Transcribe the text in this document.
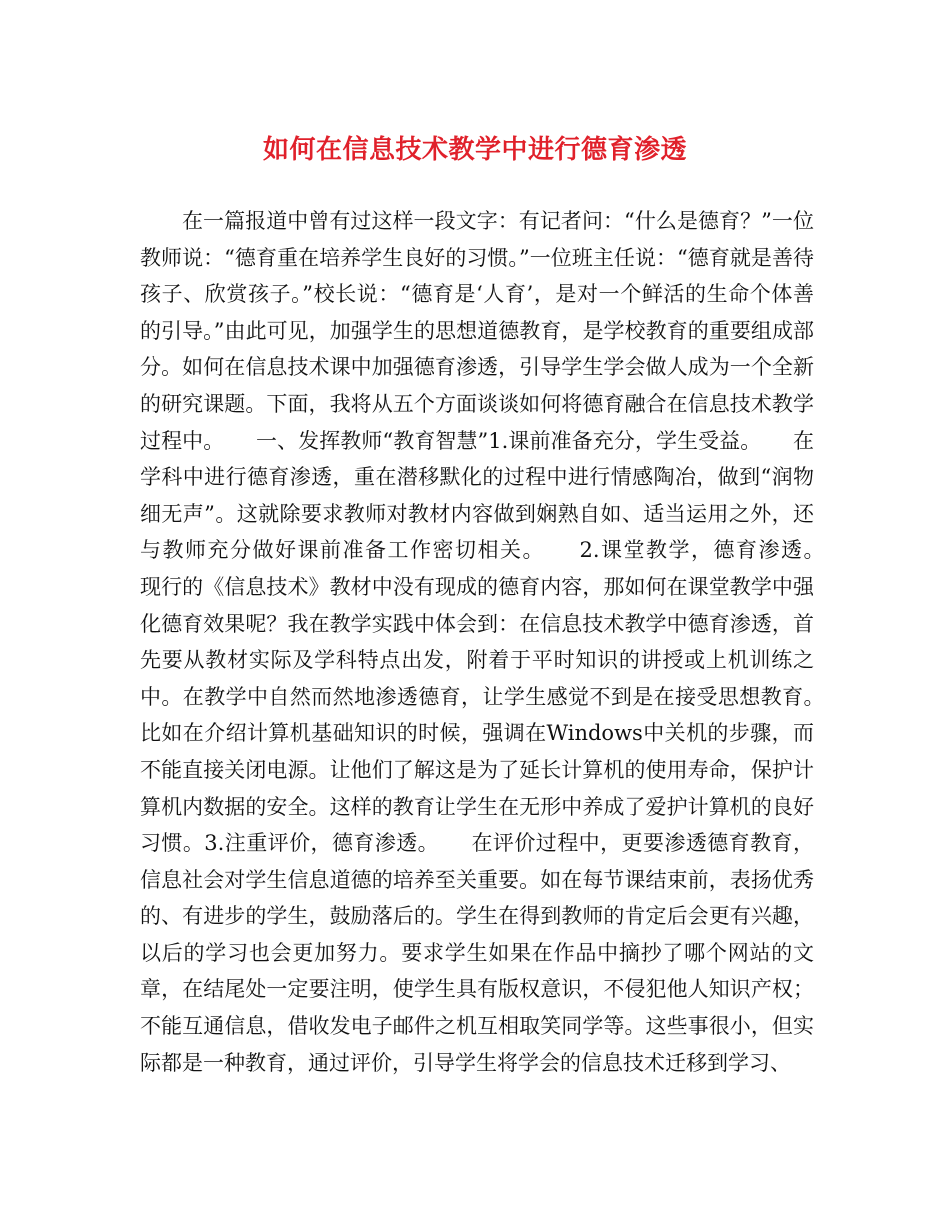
如何在信息技术教学中进行德育渗透

在一篇报道中曾有过这样一段文字：有记者问：“什么是德育？”一位教师说：“德育重在培养学生良好的习惯。”一位班主任说：“德育就是善待孩子、欣赏孩子。”校长说：“德育是‘人育’，是对一个鲜活的生命个体善的引导。”由此可见，加强学生的思想道德教育，是学校教育的重要组成部分。如何在信息技术课中加强德育渗透，引导学生学会做人成为一个全新的研究课题。下面，我将从五个方面谈谈如何将德育融合在信息技术教学过程中。　　一、发挥教师“教育智慧”1.课前准备充分，学生受益。　　在学科中进行德育渗透，重在潜移默化的过程中进行情感陶冶，做到“润物细无声”。这就除要求教师对教材内容做到娴熟自如、适当运用之外，还与教师充分做好课前准备工作密切相关。　　2.课堂教学，德育渗透。　　现行的《信息技术》教材中没有现成的德育内容，那如何在课堂教学中强化德育效果呢？我在教学实践中体会到：在信息技术教学中德育渗透，首先要从教材实际及学科特点出发，附着于平时知识的讲授或上机训练之中。在教学中自然而然地渗透德育，让学生感觉不到是在接受思想教育。　　比如在介绍计算机基础知识的时候，强调在Windows中关机的步骤，而不能直接关闭电源。让他们了解这是为了延长计算机的使用寿命，保护计算机内数据的安全。这样的教育让学生在无形中养成了爱护计算机的良好习惯。3.注重评价，德育渗透。　　在评价过程中，更要渗透德育教育，信息社会对学生信息道德的培养至关重要。如在每节课结束前，表扬优秀的、有进步的学生，鼓励落后的。学生在得到教师的肯定后会更有兴趣，以后的学习也会更加努力。要求学生如果在作品中摘抄了哪个网站的文章，在结尾处一定要注明，使学生具有版权意识，不侵犯他人知识产权；不能互通信息，借收发电子邮件之机互相取笑同学等。这些事很小，但实际都是一种教育，通过评价，引导学生将学会的信息技术迁移到学习、
